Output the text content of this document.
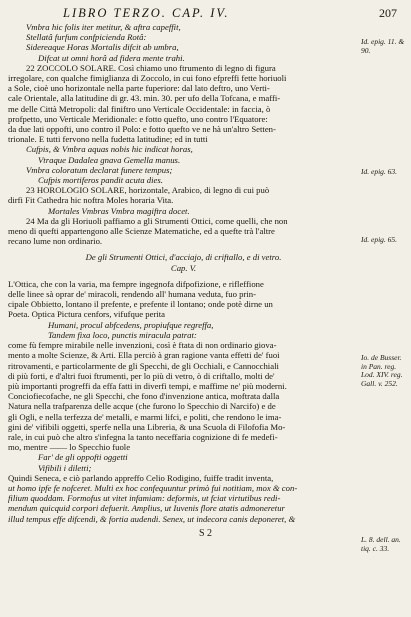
LIBRO TERZO. CAP. IV.	207
Id. epig. 11. & 90.
Id. epig. 63.
Id. epig. 65.
Io. de Busser. in Pan. reg. Lod. XIV. reg. Gall. v. 252.
L. 8. dell. an. tiq. c. 33.
Vmbra hic folis iter metitur, & aftra capeffit,
Stellatâ furfum confpicienda Rotâ:
Sidereaque Horas Mortalis difcit ab umbra,
Difcat ut omni horâ ad fidera mente trahi.
22 ZOCCOLO SOLARE. Così chiamo uno ftrumento di legno di figura
irregolare, con qualche fimiglianza di Zoccolo, in cui fono efpreffi fette horiuoli
a Sole, cioè uno horizontale nella parte fuperiore: dal lato deftro, uno Verti-
cale Orientale, alla latitudine di gr. 43. min. 30. per ufo della Tofcana, e maffi-
me delle Città Metropoli: dal finiftro uno Verticale Occidentale: in faccia, ò
profpetto, uno Verticale Meridionale: e fotto quefto, uno contro l'Equatore:
da due lati oppofti, uno contro il Polo: e fotto quefto ve ne hà un'altro Setten-
trionale. E tutti fervono nella fudetta latitudine; ed in tutti
Cufpis, & Vmbra aquas nobis hic indicat horas,
Vtraque Dadalea gnava Gemella manus.
Vmbra coloratum declarat funere tempus;
Cufpis mortiferos pandit acuta dies.
23 HOROLOGIO SOLARE, horizontale, Arabico, di legno di cui può
dirfi Fit Cathedra hic noftra Moles horaria Vita.
Mortales Vmbras Vmbra magiftra docet.
24 Ma da gli Horiuoli paffiamo a gli Strumenti Ottici, come quelli, che non
meno di quefti appartengono alle Scienze Matematiche, ed a quefte trà l'altre
recano lume non ordinario.
De gli Strumenti Ottici, d'acciajo, di criftallo, e di vetro.
Cap. V.
L'Ottica, che con la varia, ma fempre ingegnofa difpofizione, e rifleffione
delle linee sà oprar de' miracoli, rendendo all' humana veduta, fuo prin-
cipale Obbietto, lontano il prefente, e prefente il lontano; onde potè dirne un
Poeta. Optica Pictura cenfors, vifufque perita
Humani, procul abfcedens, propiufque regreffa,
Tandem fixa loco, punctis miracula patrat:
come fù fempre mirabile nelle invenzioni, così è ftata di non ordinario giova-
mento a molte Scienze, & Arti. Ella perciò à gran ragione vanta effetti de' fuoi
ritrovamenti, e particolarmente de gli Specchi, de gli Occhiali, e Cannocchiali
di più forti, e d'altri fuoi ftrumenti, per lo più di vetro, ò di criftallo, molti de'
più importanti progreffi da effa fatti in diverfi tempi, e maffime ne' più moderni.
Conciofiecofache, ne gli Specchi, che fono d'invenzione antica, moftrata dalla
Natura nella trafparenza delle acque (che furono lo Specchio di Narcifo) e de
gli Ogli, e nella terfezza de' metalli, e marmi lifci, e politi, che rendono le ima-
gini de' vifibili oggetti, sperfe nella una Libreria, & una Scuola di Filofofia Mo-
rale, in cui può che altro s'infegna la tanto neceffaria cognizione di fe medefi-
mo, mentre —— lo Specchio fuole
Far' de gli oppofti oggetti
Vifibili i diletti;
Quindi Seneca, e ciò parlando appreffo Celio Rodigino, fuiffe tradit inventa,
ut homo ipfe fe nofceret. Multi ex hoc confequuntur primò fui notitiam, mox & con-
filium quoddam. Formofus ut vitet infamiam: deformis, ut fciat virtutibus redi-
mendum quicquid corpori defuerit. Amplius, ut Iuvenis flore atatis admoneretur
illud tempus effe difcendi, & fortia audendi. Senex, ut indecora canis deponeret, &
S 2
